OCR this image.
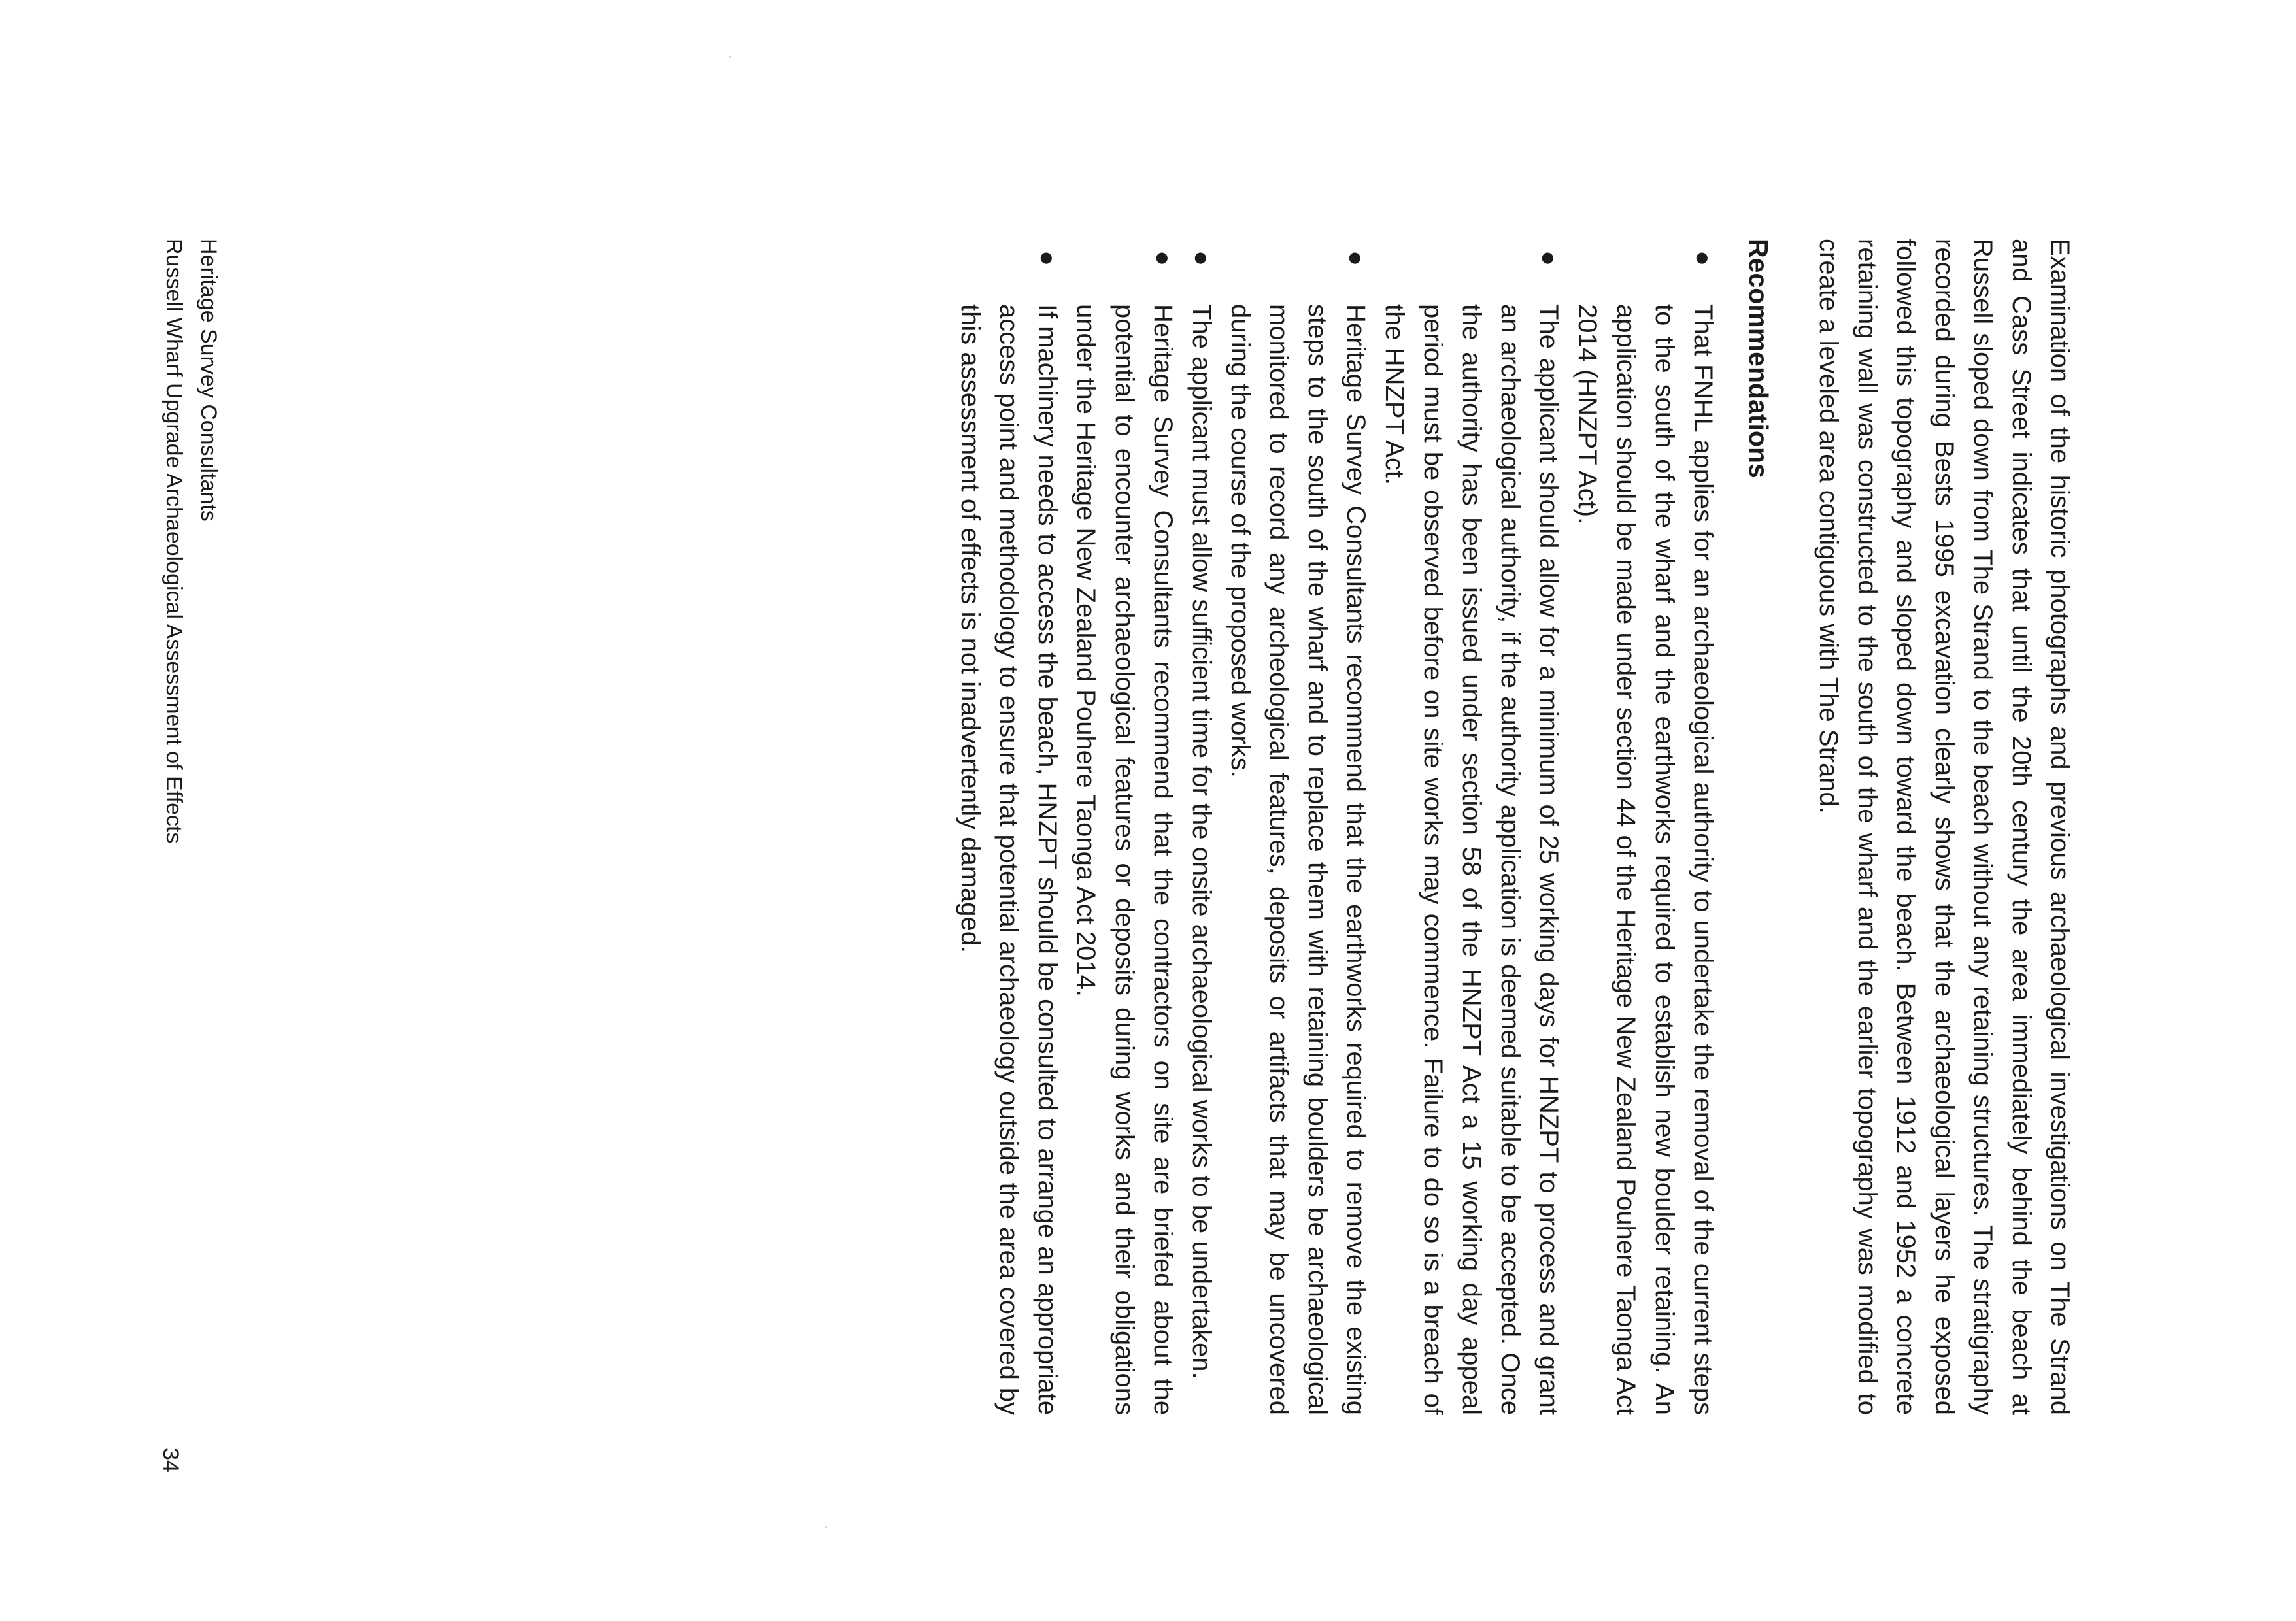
Examination of the historic photographs and previous archaeological investigations on The Strand and Cass Street indicates that until the 20th century the area immediately behind the beach at Russell sloped down from The Strand to the beach without any retaining structures. The stratigraphy recorded during Bests 1995 excavation clearly shows that the archaeological layers he exposed followed this topography and sloped down toward the beach. Between 1912 and 1952 a concrete retaining wall was constructed to the south of the wharf and the earlier topography was modified to create a leveled area contiguous with The Strand.

Recommendations
●
That FNHL applies for an archaeological authority to undertake the removal of the current steps to the south of the wharf and the earthworks required to establish new boulder retaining. An application should be made under section 44 of the Heritage New Zealand Pouhere Taonga Act 2014 (HNZPT Act).
●
The applicant should allow for a minimum of 25 working days for HNZPT to process and grant an archaeological authority, if the authority application is deemed suitable to be accepted. Once the authority has been issued under section 58 of the HNZPT Act a 15 working day appeal period must be observed before on site works may commence. Failure to do so is a breach of the HNZPT Act.
●
Heritage Survey Consultants recommend that the earthworks required to remove the existing steps to the south of the wharf and to replace them with retaining boulders be archaeological monitored to record any archeological features, deposits or artifacts that may be uncovered during the course of the proposed works.
●
The applicant must allow sufficient time for the onsite archaeological works to be undertaken.
●
Heritage Survey Consultants recommend that the contractors on site are briefed about the potential to encounter archaeological features or deposits during works and their obligations under the Heritage New Zealand Pouhere Taonga Act 2014.
●
If machinery needs to access the beach, HNZPT should be consulted to arrange an appropriate access point and methodology to ensure that potential archaeology outside the area covered by this assessment of effects is not inadvertently damaged.
Heritage Survey Consultants
Russell Wharf Upgrade Archaeological Assessment of Effects
34
